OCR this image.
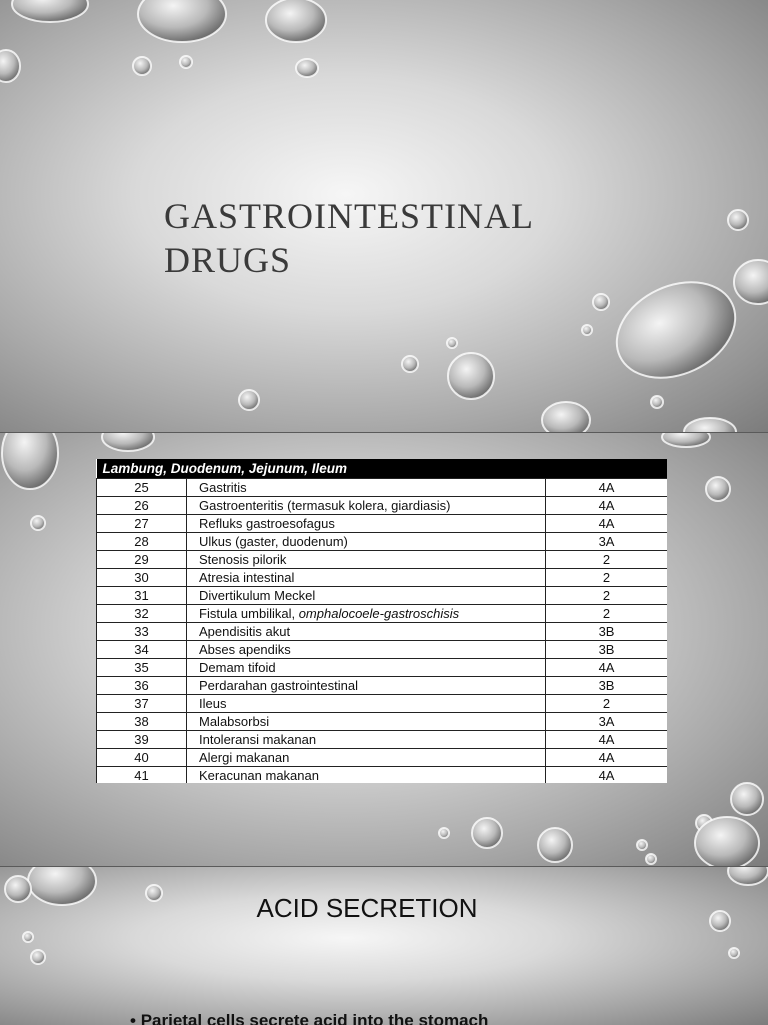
GASTROINTESTINAL
DRUGS
Lambung, Duodenum, Jejunum, Ileum		
25	Gastritis	4A
26	Gastroenteritis (termasuk kolera, giardiasis)	4A
27	Refluks gastroesofagus	4A
28	Ulkus (gaster, duodenum)	3A
29	Stenosis pilorik	2
30	Atresia intestinal	2
31	Divertikulum Meckel	2
32	Fistula umbilikal, omphalocoele-gastroschisis	2
33	Apendisitis akut	3B
34	Abses apendiks	3B
35	Demam tifoid	4A
36	Perdarahan gastrointestinal	3B
37	Ileus	2
38	Malabsorbsi	3A
39	Intoleransi makanan	4A
40	Alergi makanan	4A
41	Keracunan makanan	4A
ACID SECRETION

• Parietal cells secrete acid into the stomach
